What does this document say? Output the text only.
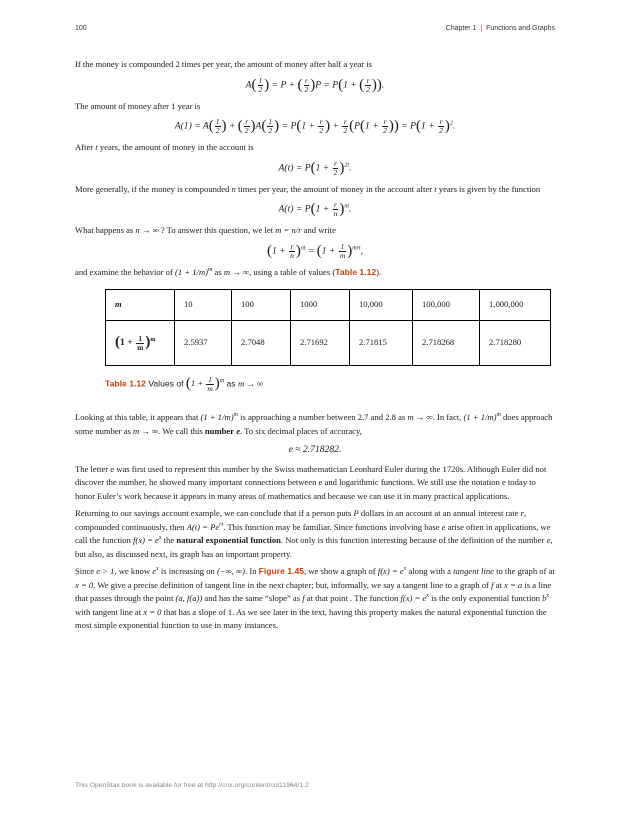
100	Chapter 1 | Functions and Graphs

If the money is compounded 2 times per year, the amount of money after half a year is

$A( \frac{1}{2}$ ) = P + ( $\frac{r}{2} )P = P(1$ + ( $\frac{r}{2}$ )).

The amount of money after 1 year is

$A(1) = A( \frac{1}{2}$ ) + ( $\frac{r}{2} )A( \frac{1}{2}$ ) = $P(1 + \frac{r}{2}$ ) + $\frac{r}{2} (P(1 + \frac{r}{2}$ )) = $P(1 + \frac{r}{2} )^2$.

After t years, the amount of money in the account is

$A(t) = P(1 + \frac{r}{2} )^{2t}$.

More generally, if the money is compounded n times per year, the amount of money in the account after t years is given by the function

$A(t) = P(1 + \frac{r}{n} )^{nt}$.

What happens as n → ∞ ? To answer this question, we let m = n/r and write

$(1 + \frac{r}{n} )^{nt} = (1 + \frac{1}{m} )^{mrt}$,

and examine the behavior of $(1 + 1/m)^m$ as m → ∞, using a table of values (Table 1.12).

m	10	100	1000	10,000	100,000	1,000,000
$(1 + \frac{1}{m} )^m$	2.5937	2.7048	2.71692	2.71815	2.718268	2.718280
Table 1.12 Values of $(1 + \frac{1}{m} )^m$ as m → ∞

Looking at this table, it appears that $(1 + 1/m)^m$ is approaching a number between 2.7 and 2.8 as m → ∞. In fact, $(1 + 1/m)^m$ does approach some number as m → ∞. We call this number e. To six decimal places of accuracy,

e ≈ 2.718282.

The letter e was first used to represent this number by the Swiss mathematician Leonhard Euler during the 1720s. Although Euler did not discover the number, he showed many important connections between e and logarithmic functions. We still use the notation e today to honor Euler’s work because it appears in many areas of mathematics and because we can use it in many practical applications.

Returning to our savings account example, we can conclude that if a person puts P dollars in an account at an annual interest rate r, compounded continuously, then $A(t) = Pe^{rt}$. This function may be familiar. Since functions involving base e arise often in applications, we call the function $f(x) = e^x$ the natural exponential function. Not only is this function interesting because of the definition of the number e, but also, as discussed next, its graph has an important property.

Since e > 1, we know $e^x$ is increasing on (−∞, ∞). In Figure 1.45, we show a graph of $f(x) = e^x$ along with a tangent line to the graph of at x = 0. We give a precise definition of tangent line in the next chapter; but, informally, we say a tangent line to a graph of f at x = a is a line that passes through the point (a, f(a)) and has the same “slope” as f at that point . The function $f(x) = e^x$ is the only exponential function $b^x$ with tangent line at x = 0 that has a slope of 1. As we see later in the text, having this property makes the natural exponential function the most simple exponential function to use in many instances.

This OpenStax book is available for free at http://cnx.org/content/col11964/1.2
